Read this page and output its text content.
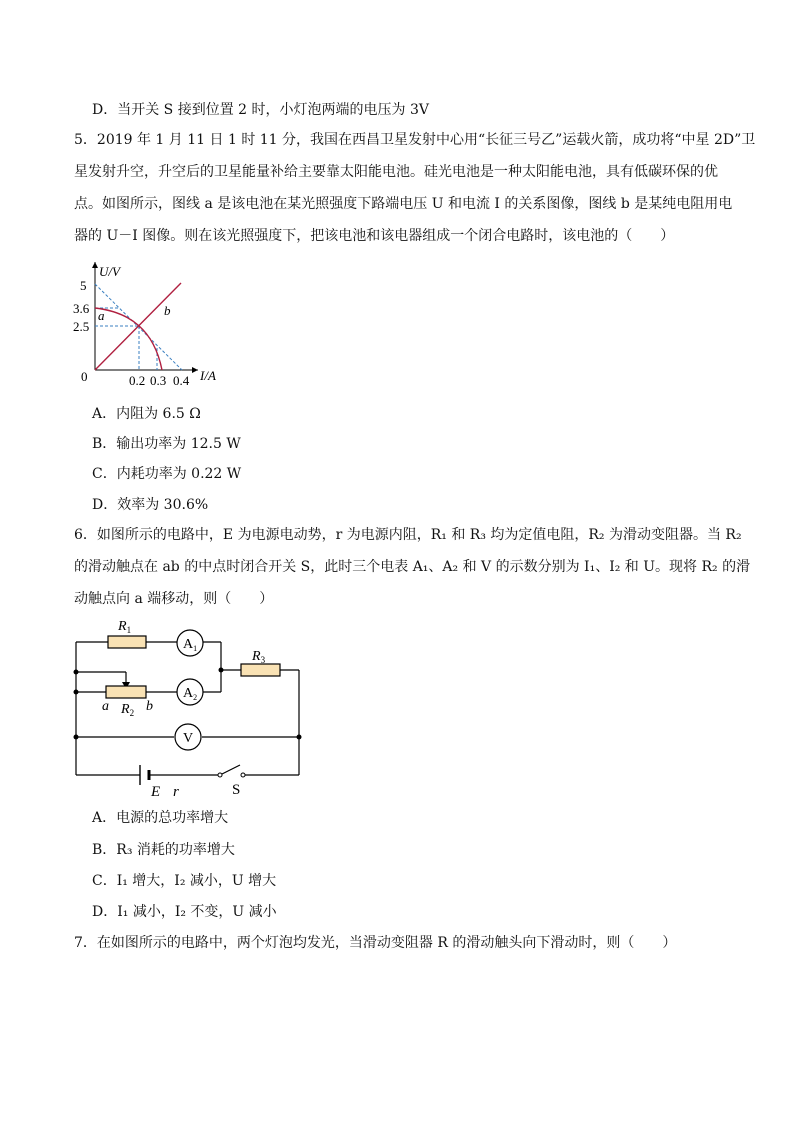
D．当开关 S 接到位置 2 时，小灯泡两端的电压为 3V
5．2019 年 1 月 11 日 1 时 11 分，我国在西昌卫星发射中心用“长征三号乙”运载火箭，成功将“中星 2D”卫
星发射升空，升空后的卫星能量补给主要靠太阳能电池。硅光电池是一种太阳能电池，具有低碳环保的优
点。如图所示，图线 a 是该电池在某光照强度下路端电压 U 和电流 I 的关系图像，图线 b 是某纯电阻用电
器的 U－I 图像。则在该光照强度下，把该电池和该电器组成一个闭合电路时，该电池的（　　）
U/V
I/A
5
3.6
2.5
0	0.2 0.3 0.4
a	b
A．内阻为 6.5 Ω
B．输出功率为 12.5 W
C．内耗功率为 0.22 W
D．效率为 30.6%
6．如图所示的电路中，E 为电源电动势，r 为电源内阻，R₁ 和 R₃ 均为定值电阻，R₂ 为滑动变阻器。当 R₂
的滑动触点在 ab 的中点时闭合开关 S，此时三个电表 A₁、A₂ 和 V 的示数分别为 I₁、I₂ 和 U。现将 R₂ 的滑
动触点向 a 端移动，则（　　）
$R_1$
$R_3$
$R_2$
$A_1$
$A_2$
V
a	b
E r	S
A．电源的总功率增大
B．R₃ 消耗的功率增大
C．I₁ 增大，I₂ 减小，U 增大
D．I₁ 减小，I₂ 不变，U 减小
7．在如图所示的电路中，两个灯泡均发光，当滑动变阻器 R 的滑动触头向下滑动时，则（　　）
